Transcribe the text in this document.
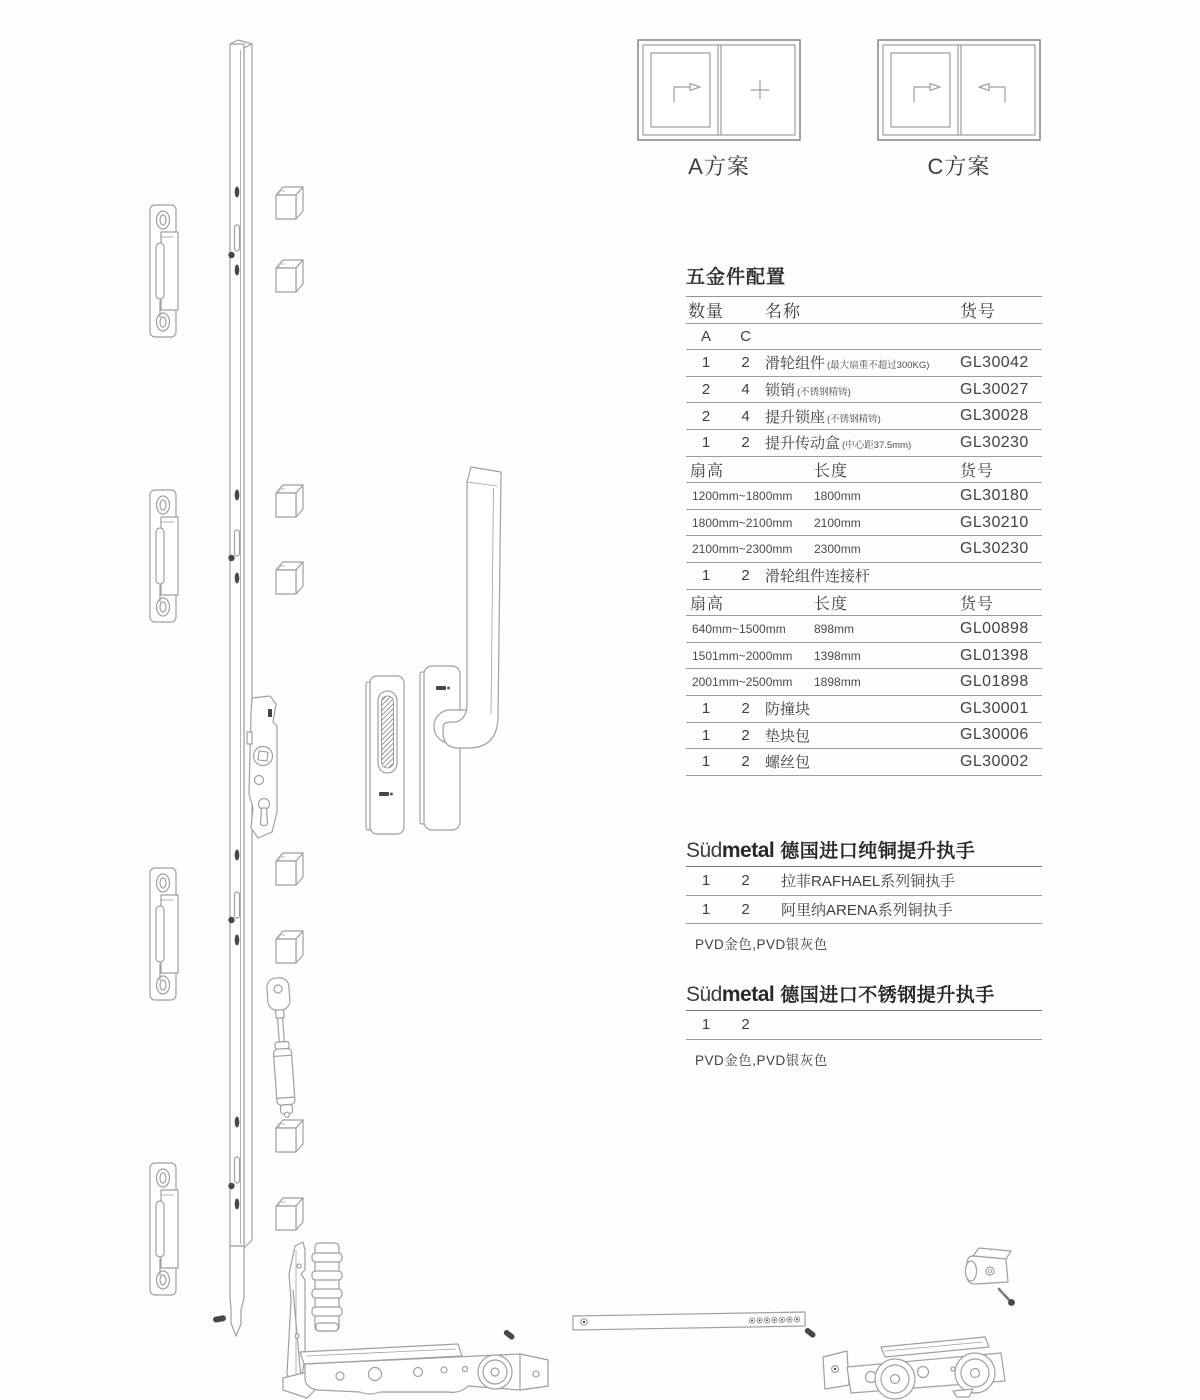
A方案	C方案
五金件配置
数量	名称	货号
A	C
1	2	滑轮组件 (最大扇重不超过300KG)	GL30042
2	4	锁销 (不锈钢精铸)	GL30027
2	4	提升锁座 (不锈钢精铸)	GL30028
1	2	提升传动盒 (中心距37.5mm)	GL30230
扇高	长度	货号
1200mm~1800mm	1800mm	GL30180
1800mm~2100mm	2100mm	GL30210
2100mm~2300mm	2300mm	GL30230
1	2	滑轮组件连接杆
扇高	长度	货号
640mm~1500mm	898mm	GL00898
1501mm~2000mm	1398mm	GL01398
2001mm~2500mm	1898mm	GL01898
1	2	防撞块	GL30001
1	2	垫块包	GL30006
1	2	螺丝包	GL30002
Südmetal 德国进口纯铜提升执手
1	2	拉菲RAFHAEL系列铜执手
1	2	阿里纳ARENA系列铜执手
PVD金色,PVD银灰色
Südmetal 德国进口不锈钢提升执手
1	2
PVD金色,PVD银灰色
